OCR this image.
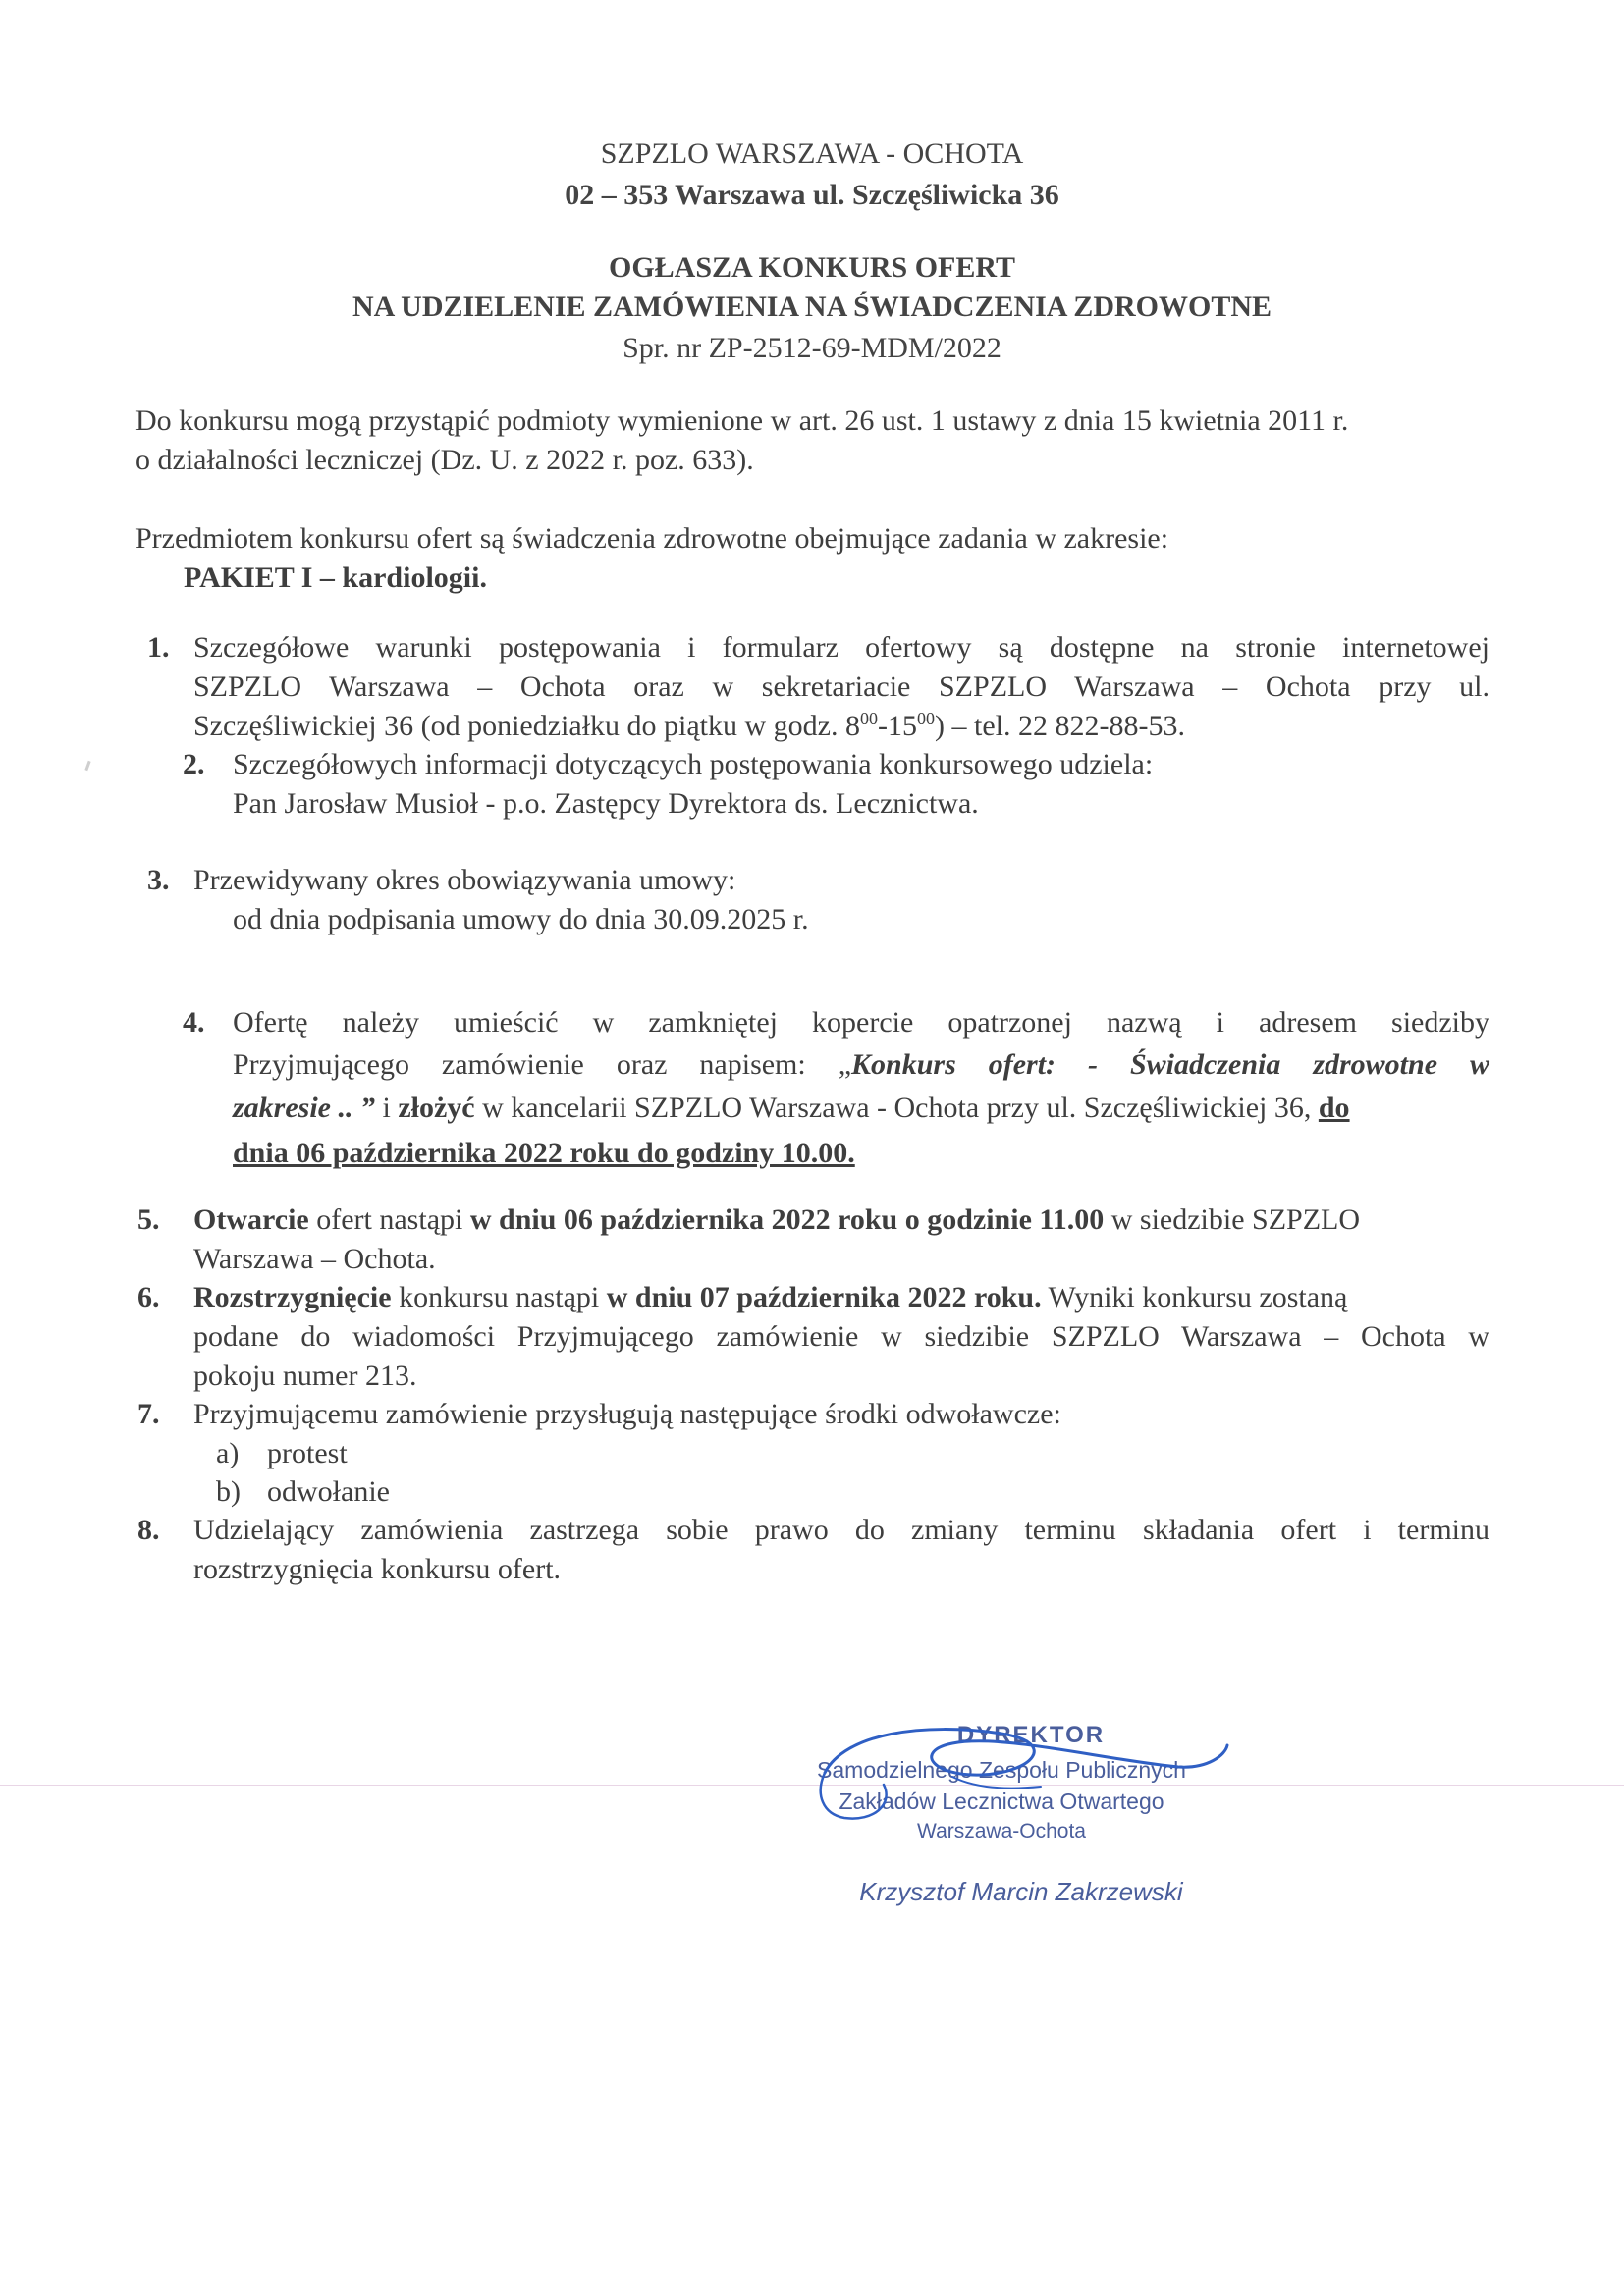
SZPZLO WARSZAWA - OCHOTA
02 – 353 Warszawa ul. Szczęśliwicka 36
OGŁASZA KONKURS OFERT
NA UDZIELENIE ZAMÓWIENIA NA ŚWIADCZENIA ZDROWOTNE
Spr. nr ZP-2512-69-MDM/2022
Do konkursu mogą przystąpić podmioty wymienione w art. 26 ust. 1 ustawy z dnia 15 kwietnia 2011 r.
o działalności leczniczej (Dz. U. z 2022 r. poz. 633).
Przedmiotem konkursu ofert są świadczenia zdrowotne obejmujące zadania w zakresie:
PAKIET I – kardiologii.
1. Szczegółowe warunki postępowania i formularz ofertowy są dostępne na stronie internetowej
SZPZLO Warszawa – Ochota oraz w sekretariacie SZPZLO Warszawa – Ochota przy ul.
Szczęśliwickiej 36 (od poniedziałku do piątku w godz. $8^{00}-15^{00}$) – tel. 22 822-88-53.
2. Szczegółowych informacji dotyczących postępowania konkursowego udziela:
Pan Jarosław Musioł - p.o. Zastępcy Dyrektora ds. Lecznictwa.
3. Przewidywany okres obowiązywania umowy:
od dnia podpisania umowy do dnia 30.09.2025 r.
4. Ofertę należy umieścić w zamkniętej kopercie opatrzonej nazwą i adresem siedziby
Przyjmującego zamówienie oraz napisem: „Konkurs ofert: - Świadczenia zdrowotne w
zakresie .. ” i złożyć w kancelarii SZPZLO Warszawa - Ochota przy ul. Szczęśliwickiej 36, do
dnia 06 października 2022 roku do godziny 10.00.
5. Otwarcie ofert nastąpi w dniu 06 października 2022 roku o godzinie 11.00 w siedzibie SZPZLO
Warszawa – Ochota.
6. Rozstrzygnięcie konkursu nastąpi w dniu 07 października 2022 roku. Wyniki konkursu zostaną
podane do wiadomości Przyjmującego zamówienie w siedzibie SZPZLO Warszawa – Ochota w
pokoju numer 213.
7. Przyjmującemu zamówienie przysługują następujące środki odwoławcze:
a) protest
b) odwołanie
8. Udzielający zamówienia zastrzega sobie prawo do zmiany terminu składania ofert i terminu
rozstrzygnięcia konkursu ofert.
DYREKTOR
Samodzielnego Zespołu Publicznych
Zakładów Lecznictwa Otwartego
Warszawa-Ochota
Krzysztof Marcin Zakrzewski
